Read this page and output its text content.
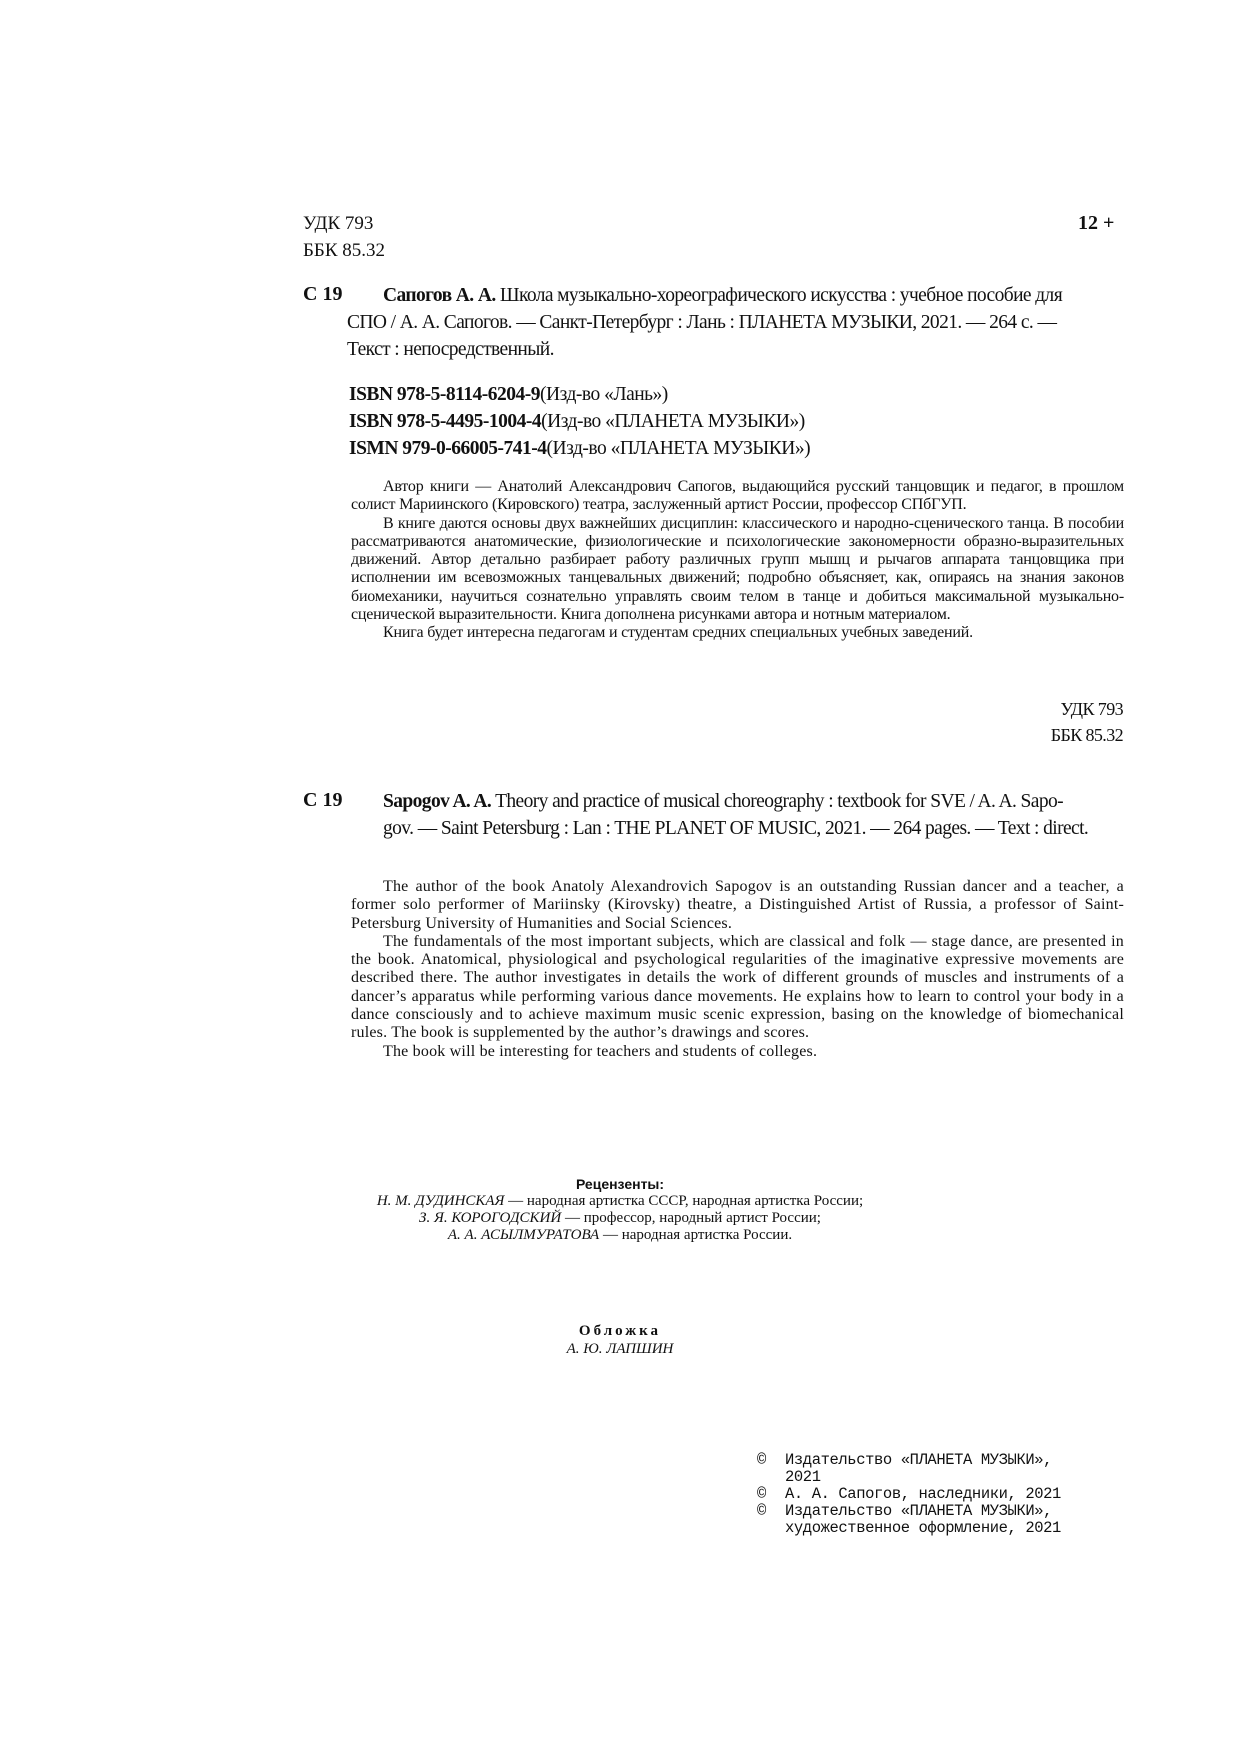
УДК 793
ББК 85.32
12 +
С 19 Сапогов А. А. Школа музыкально-хореографического искусства : учебное пособие для

СПО / А. А. Сапогов. — Санкт-Петербург : Лань : ПЛАНЕТА МУЗЫКИ, 2021. — 264 с. —

Текст : непосредственный.

ISBN 978-5-8114-6204-9(Изд-во «Лань»)
ISBN 978-5-4495-1004-4(Изд-во «ПЛАНЕТА МУЗЫКИ»)
ISMN 979-0-66005-741-4(Изд-во «ПЛАНЕТА МУЗЫКИ»)

Автор книги — Анатолий Александрович Сапогов, выдающийся русский танцовщик и педагог, в прошлом солист Мариинского (Кировского) театра, заслуженный артист России, профессор СПбГУП.

В книге даются основы двух важнейших дисциплин: классического и народно-сценического танца. В пособии рассматриваются анатомические, физиологические и психологические закономерности образно-выразительных движений. Автор детально разбирает работу различных групп мышц и рычагов аппарата танцовщика при исполнении им всевозможных танцевальных движений; подробно объясняет, как, опираясь на знания законов биомеханики, научиться сознательно управлять своим телом в танце и добиться максимальной музыкально-сценической выразительности. Книга дополнена рисунками автора и нотным материалом.

Книга будет интересна педагогам и студентам средних специальных учебных заведений.

УДК 793
ББК 85.32
С 19 Sapogov A. A. Theory and practice of musical choreography : textbook for SVE / A. A. Sapo-

gov. — Saint Petersburg : Lan : THE PLANET OF MUSIC, 2021. — 264 pages. — Text : direct.

The author of the book Anatoly Alexandrovich Sapogov is an outstanding Russian dancer and a teacher, a former solo performer of Mariinsky (Kirovsky) theatre, a Distinguished Artist of Russia, a professor of Saint-Petersburg University of Humanities and Social Sciences.

The fundamentals of the most important subjects, which are classical and folk — stage dance, are presented in the book. Anatomical, physiological and psychological regularities of the imaginative expressive movements are described there. The author investigates in details the work of different grounds of muscles and instruments of a dancer’s apparatus while performing various dance movements. He explains how to learn to control your body in a dance consciously and to achieve maximum music scenic expression, basing on the knowledge of biomechanical rules. The book is supplemented by the author’s drawings and scores.

The book will be interesting for teachers and students of colleges.

Рецензенты:
Н. М. ДУДИНСКАЯ — народная артистка СССР, народная артистка России;
З. Я. КОРОГОДСКИЙ — профессор, народный артист России;
А. А. АСЫЛМУРАТОВА — народная артистка России.
Обложка
А. Ю. ЛАПШИН
©	Издательство «ПЛАНЕТА МУЗЫКИ»,
2021
©	А. А. Сапогов, наследники, 2021
©	Издательство «ПЛАНЕТА МУЗЫКИ»,
художественное оформление, 2021
